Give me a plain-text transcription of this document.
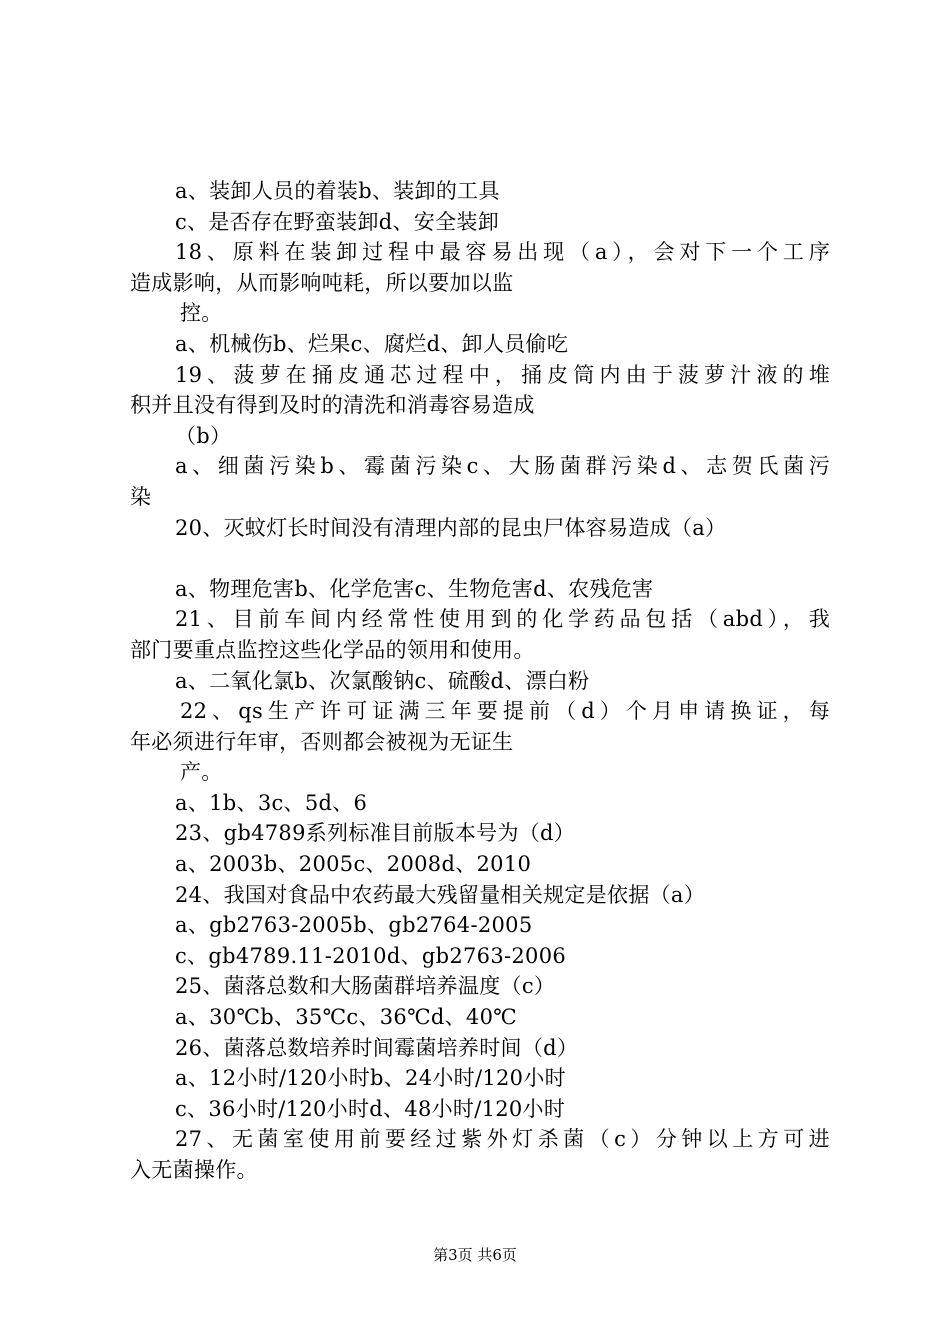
a、装卸人员的着装b、装卸的工具
c、是否存在野蛮装卸d、安全装卸
18、原料在装卸过程中最容易出现（a），会对下一个工序
造成影响，从而影响吨耗，所以要加以监
控。
a、机械伤b、烂果c、腐烂d、卸人员偷吃
19、菠萝在捅皮通芯过程中，捅皮筒内由于菠萝汁液的堆
积并且没有得到及时的清洗和消毒容易造成
（b）
a、细菌污染b、霉菌污染c、大肠菌群污染d、志贺氏菌污
染
20、灭蚊灯长时间没有清理内部的昆虫尸体容易造成（a）
a、物理危害b、化学危害c、生物危害d、农残危害
21、目前车间内经常性使用到的化学药品包括（abd），我
部门要重点监控这些化学品的领用和使用。
a、二氧化氯b、次氯酸钠c、硫酸d、漂白粉
22、qs生产许可证满三年要提前（d）个月申请换证，每
年必须进行年审，否则都会被视为无证生
产。
a、1b、3c、5d、6
23、gb4789系列标准目前版本号为（d）
a、2003b、2005c、2008d、2010
24、我国对食品中农药最大残留量相关规定是依据（a）
a、gb2763-2005b、gb2764-2005
c、gb4789.11-2010d、gb2763-2006
25、菌落总数和大肠菌群培养温度（c）
a、30℃b、35℃c、36℃d、40℃
26、菌落总数培养时间霉菌培养时间（d）
a、12小时/120小时b、24小时/120小时
c、36小时/120小时d、48小时/120小时
27、无菌室使用前要经过紫外灯杀菌（c）分钟以上方可进
入无菌操作。
第3页 共6页
